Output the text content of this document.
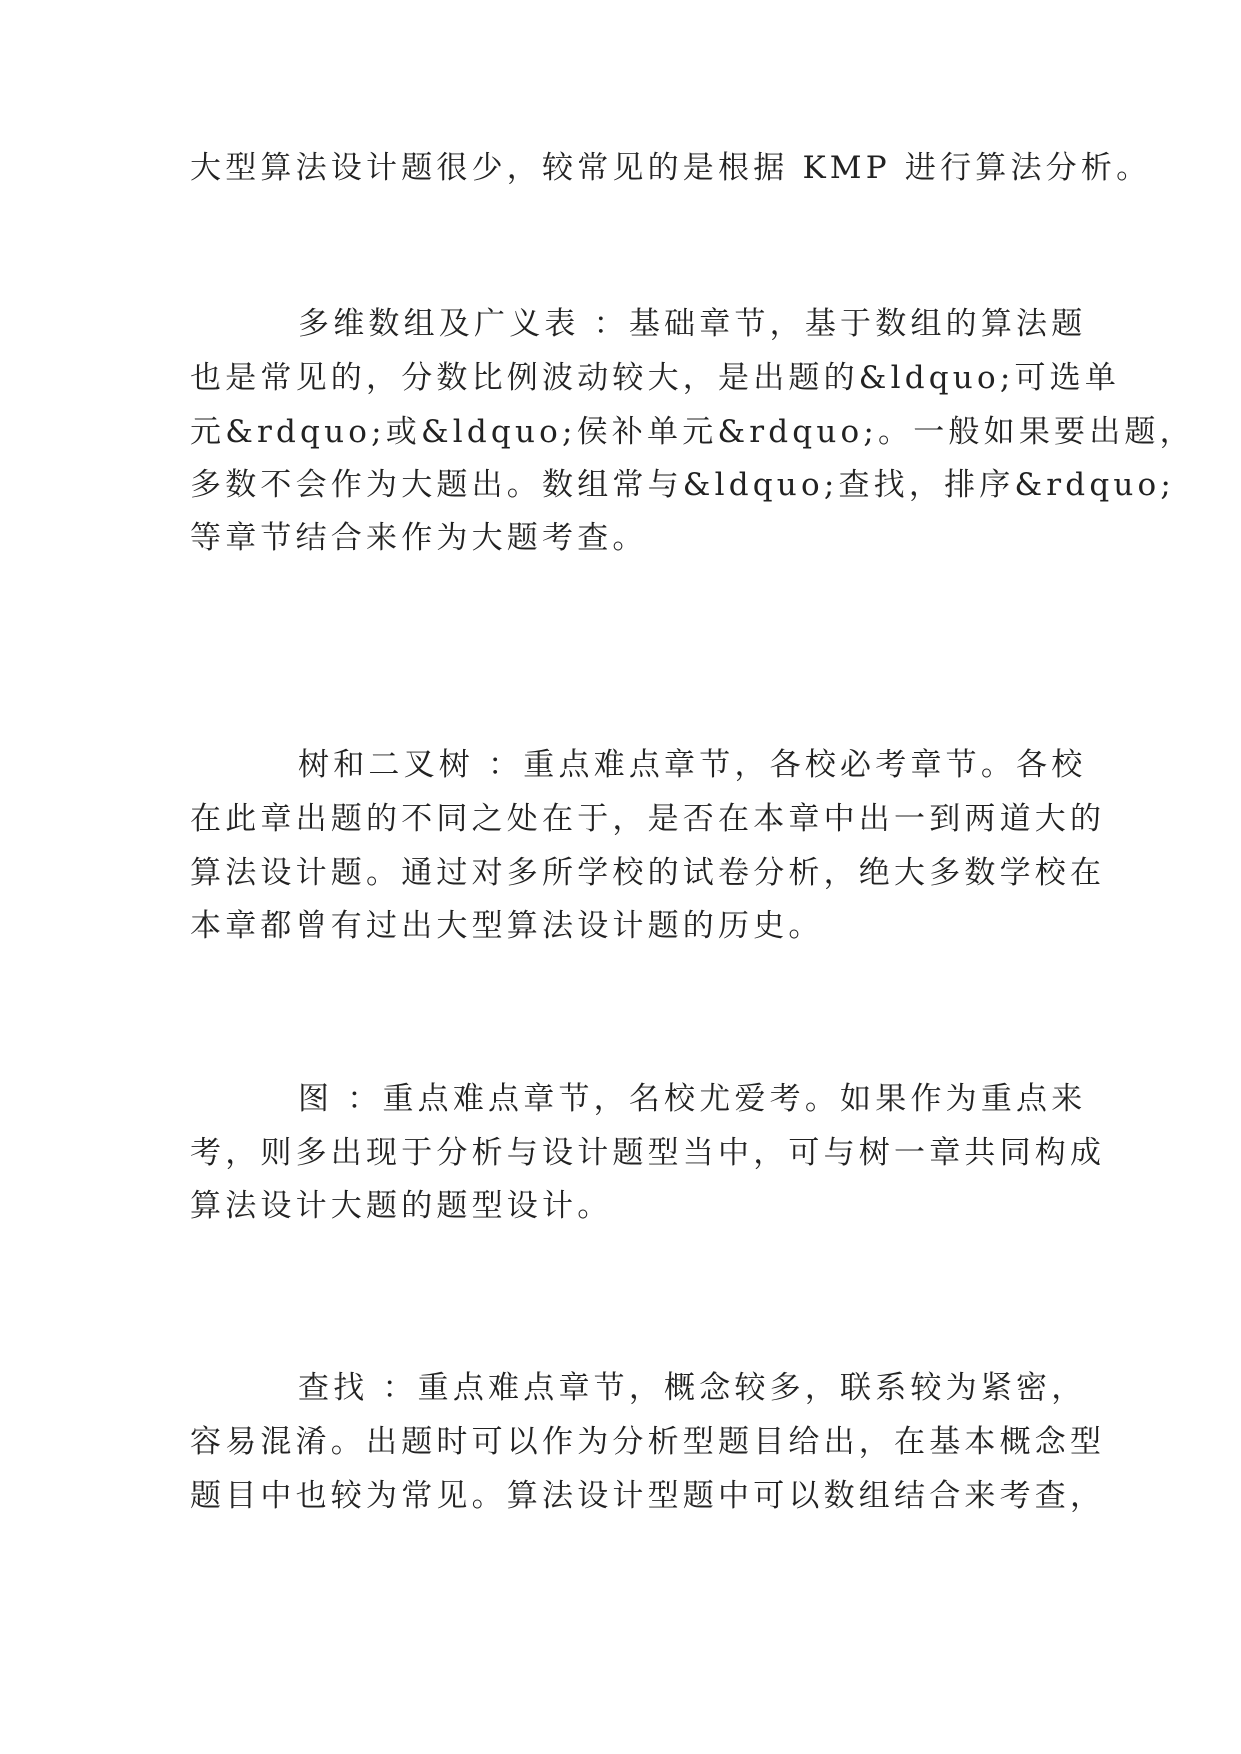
大型算法设计题很少，较常见的是根据 KMP 进行算法分析。
多维数组及广义表 ：基础章节，基于数组的算法题
也是常见的，分数比例波动较大，是出题的&ldquo;可选单
元&rdquo;或&ldquo;侯补单元&rdquo;。一般如果要出题，
多数不会作为大题出。数组常与&ldquo;查找，排序&rdquo;
等章节结合来作为大题考查。
树和二叉树 ：重点难点章节，各校必考章节。各校
在此章出题的不同之处在于，是否在本章中出一到两道大的
算法设计题。通过对多所学校的试卷分析，绝大多数学校在
本章都曾有过出大型算法设计题的历史。
图 ：重点难点章节，名校尤爱考。如果作为重点来
考，则多出现于分析与设计题型当中，可与树一章共同构成
算法设计大题的题型设计。
查找 ：重点难点章节，概念较多，联系较为紧密，
容易混淆。出题时可以作为分析型题目给出，在基本概念型
题目中也较为常见。算法设计型题中可以数组结合来考查，
